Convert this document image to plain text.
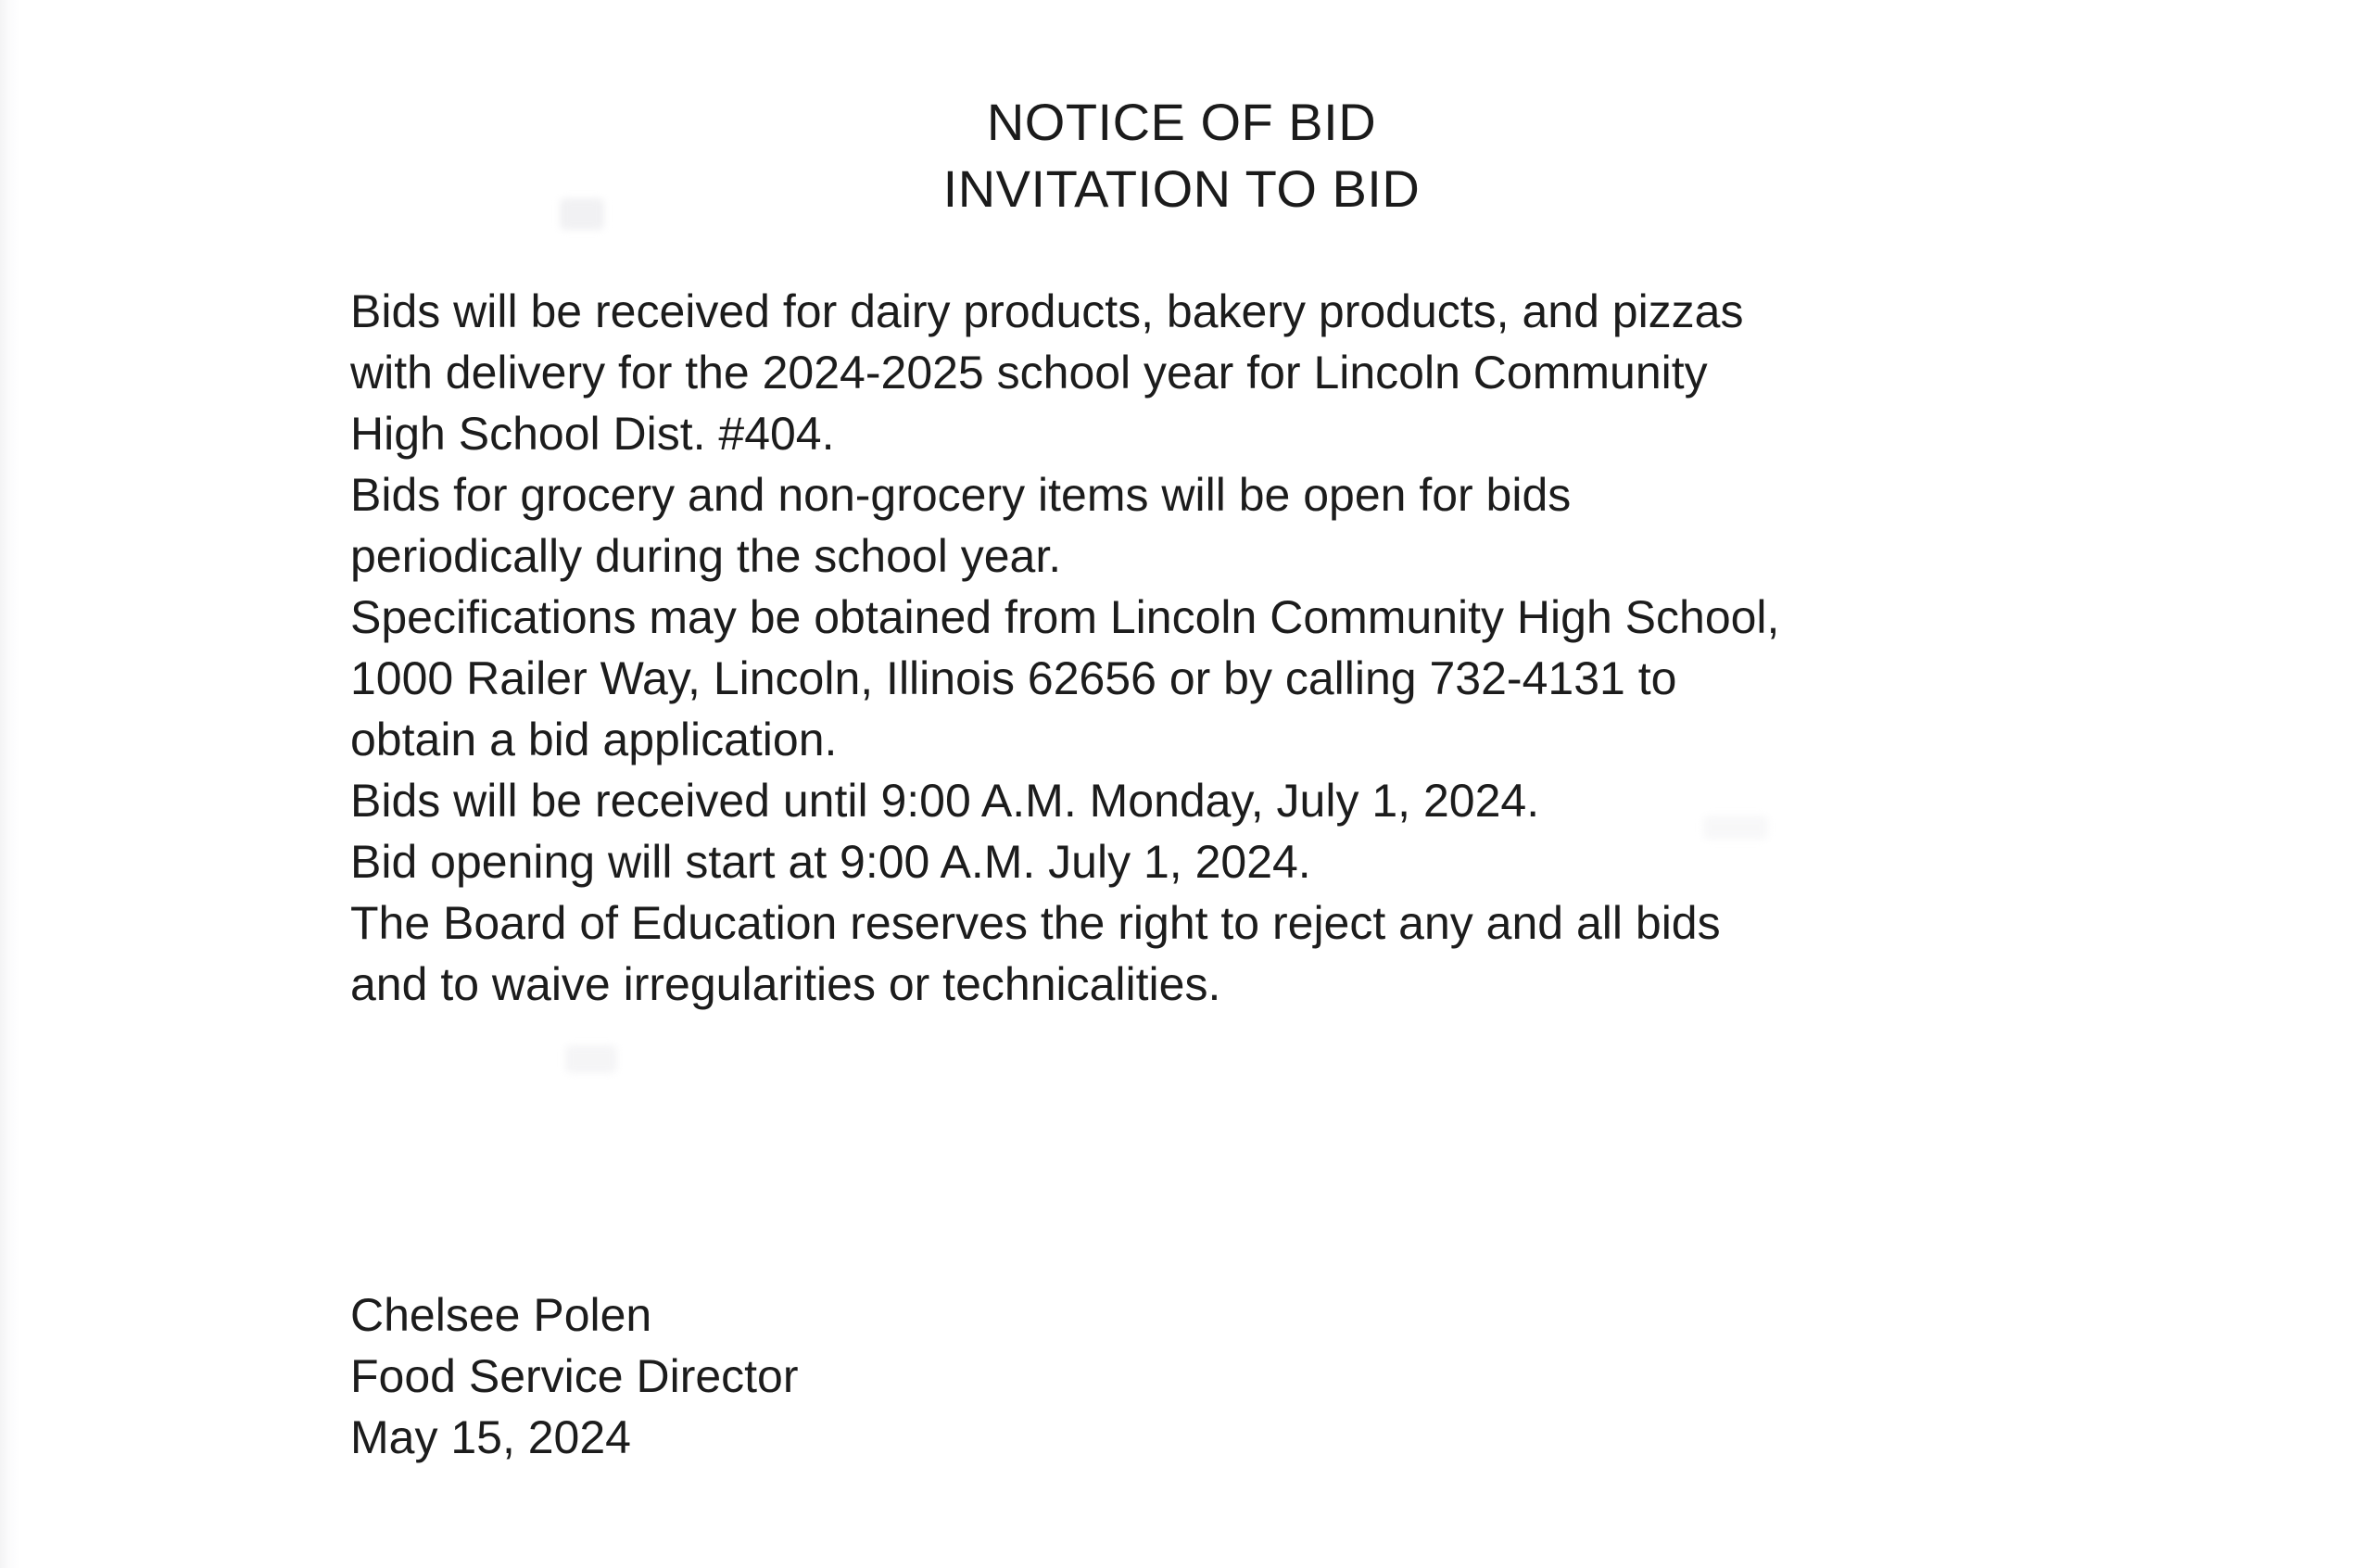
NOTICE OF BID
INVITATION TO BID
Bids will be received for dairy products, bakery products, and pizzas
with delivery for the 2024-2025 school year for Lincoln Community
High School Dist. #404.
Bids for grocery and non-grocery items will be open for bids
periodically during the school year.
Specifications may be obtained from Lincoln Community High School,
1000 Railer Way, Lincoln, Illinois 62656 or by calling 732-4131 to
obtain a bid application.
Bids will be received until 9:00 A.M. Monday, July 1, 2024.
Bid opening will start at 9:00 A.M. July 1, 2024.
The Board of Education reserves the right to reject any and all bids
and to waive irregularities or technicalities.
Chelsee Polen
Food Service Director
May 15, 2024
